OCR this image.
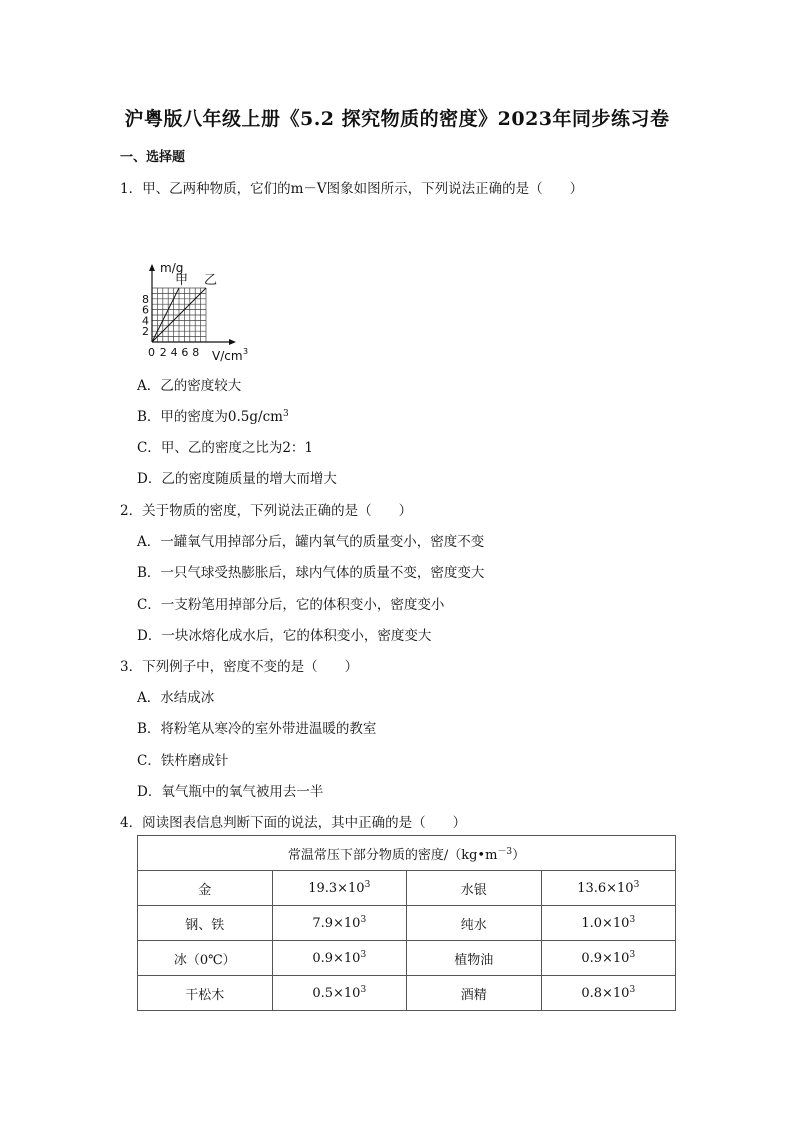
沪粤版八年级上册《5.2 探究物质的密度》2023年同步练习卷
一、选择题
1．甲、乙两种物质，它们的m－V图象如图所示，下列说法正确的是（　　）
甲 乙
0 2 4 6 8
2
4
6
8
m/g
V/cm 3
A．乙的密度较大
B．甲的密度为$0.5g/cm^3$
C．甲、乙的密度之比为2：1
D．乙的密度随质量的增大而增大
2．关于物质的密度，下列说法正确的是（　　）
A．一罐氧气用掉部分后，罐内氧气的质量变小，密度不变
B．一只气球受热膨胀后，球内气体的质量不变，密度变大
C．一支粉笔用掉部分后，它的体积变小，密度变小
D．一块冰熔化成水后，它的体积变小，密度变大
3．下列例子中，密度不变的是（　　）
A．水结成冰
B．将粉笔从寒冷的室外带进温暖的教室
C．铁杵磨成针
D．氧气瓶中的氧气被用去一半
4．阅读图表信息判断下面的说法，其中正确的是（　　）
常温常压下部分物质的密度$/(kg•m^{-3})$			
金	$19.3\times 10^3$	水银	$13.6\times 10^3$
钢、铁	$7.9\times 10^3$	纯水	$1.0\times 10^3$
冰（0℃）	$0.9\times 10^3$	植物油	$0.9\times 10^3$
干松木	$0.5\times 10^3$	酒精	$0.8\times 10^3$
